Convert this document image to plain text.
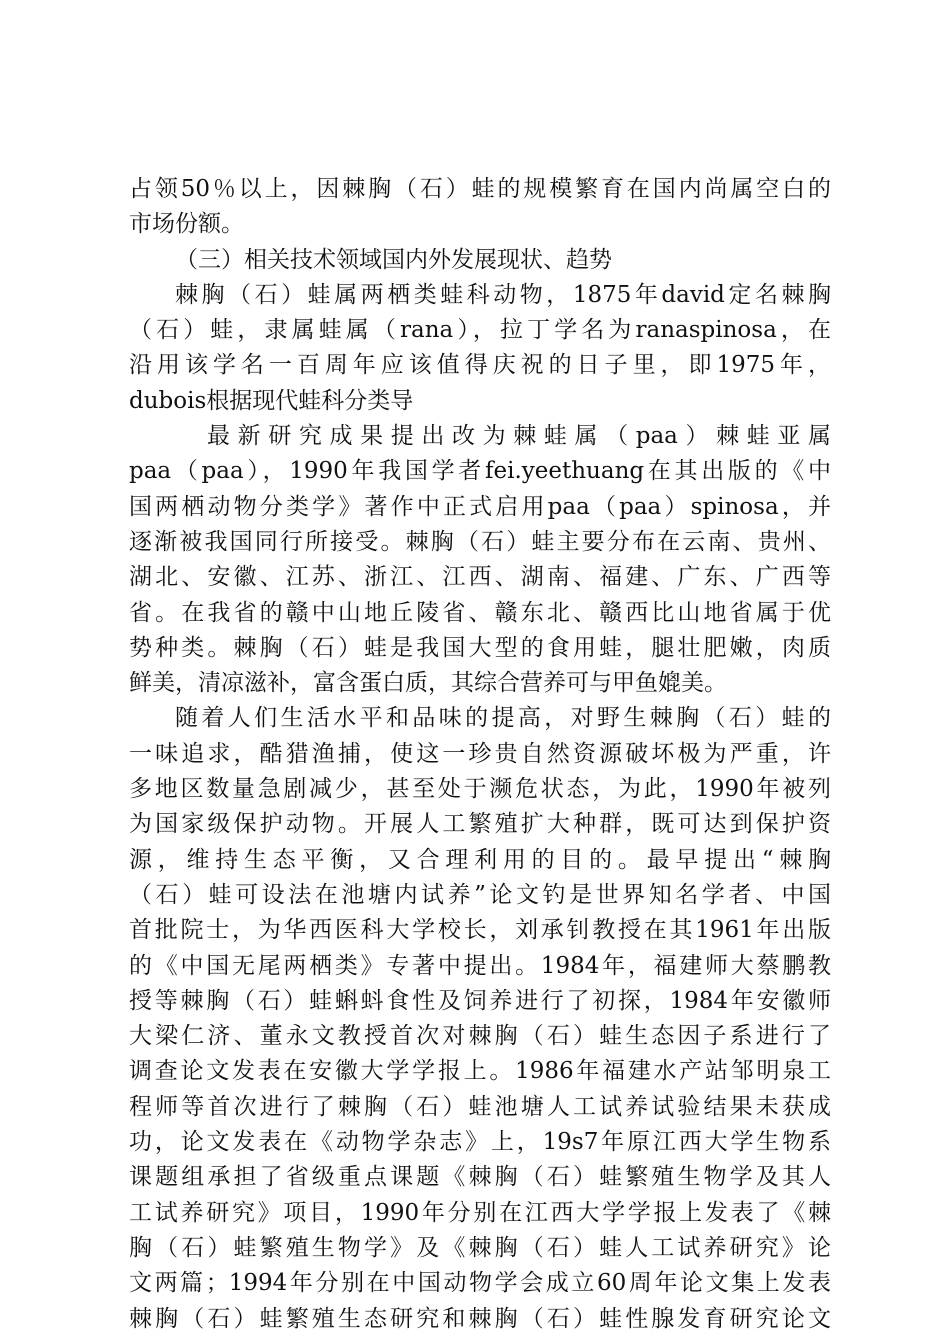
占领50％以上，因棘胸（石）蛙的规模繁育在国内尚属空白的
市场份额。
（三）相关技术领域国内外发展现状、趋势
棘胸（石）蛙属两栖类蛙科动物，1875年david定名棘胸
（石）蛙，隶属蛙属（rana），拉丁学名为ranaspinosa，在
沿用该学名一百周年应该值得庆祝的日子里，即1975年，
dubois根据现代蛙科分类导
最新研究成果提出改为棘蛙属（paa）棘蛙亚属
paa（paa），1990年我国学者fei.yeethuang在其出版的《中
国两栖动物分类学》著作中正式启用paa（paa）spinosa，并
逐渐被我国同行所接受。棘胸（石）蛙主要分布在云南、贵州、
湖北、安徽、江苏、浙江、江西、湖南、福建、广东、广西等
省。在我省的赣中山地丘陵省、赣东北、赣西比山地省属于优
势种类。棘胸（石）蛙是我国大型的食用蛙，腿壮肥嫩，肉质
鲜美，清凉滋补，富含蛋白质，其综合营养可与甲鱼媲美。
随着人们生活水平和品味的提高，对野生棘胸（石）蛙的
一味追求，酷猎渔捕，使这一珍贵自然资源破坏极为严重，许
多地区数量急剧减少，甚至处于濒危状态，为此，1990年被列
为国家级保护动物。开展人工繁殖扩大种群，既可达到保护资
源，维持生态平衡，又合理利用的目的。最早提出“棘胸
（石）蛙可设法在池塘内试养”论文钓是世界知名学者、中国
首批院士，为华西医科大学校长，刘承钊教授在其1961年出版
的《中国无尾两栖类》专著中提出。1984年，福建师大蔡鹏教
授等棘胸（石）蛙蝌蚪食性及饲养进行了初探，1984年安徽师
大梁仁济、董永文教授首次对棘胸（石）蛙生态因子系进行了
调查论文发表在安徽大学学报上。1986年福建水产站邹明泉工
程师等首次进行了棘胸（石）蛙池塘人工试养试验结果未获成
功，论文发表在《动物学杂志》上，19s7年原江西大学生物系
课题组承担了省级重点课题《棘胸（石）蛙繁殖生物学及其人
工试养研究》项目，1990年分别在江西大学学报上发表了《棘
胸（石）蛙繁殖生物学》及《棘胸（石）蛙人工试养研究》论
文两篇；1994年分别在中国动物学会成立60周年论文集上发表
棘胸（石）蛙繁殖生态研究和棘胸（石）蛙性腺发育研究论文
